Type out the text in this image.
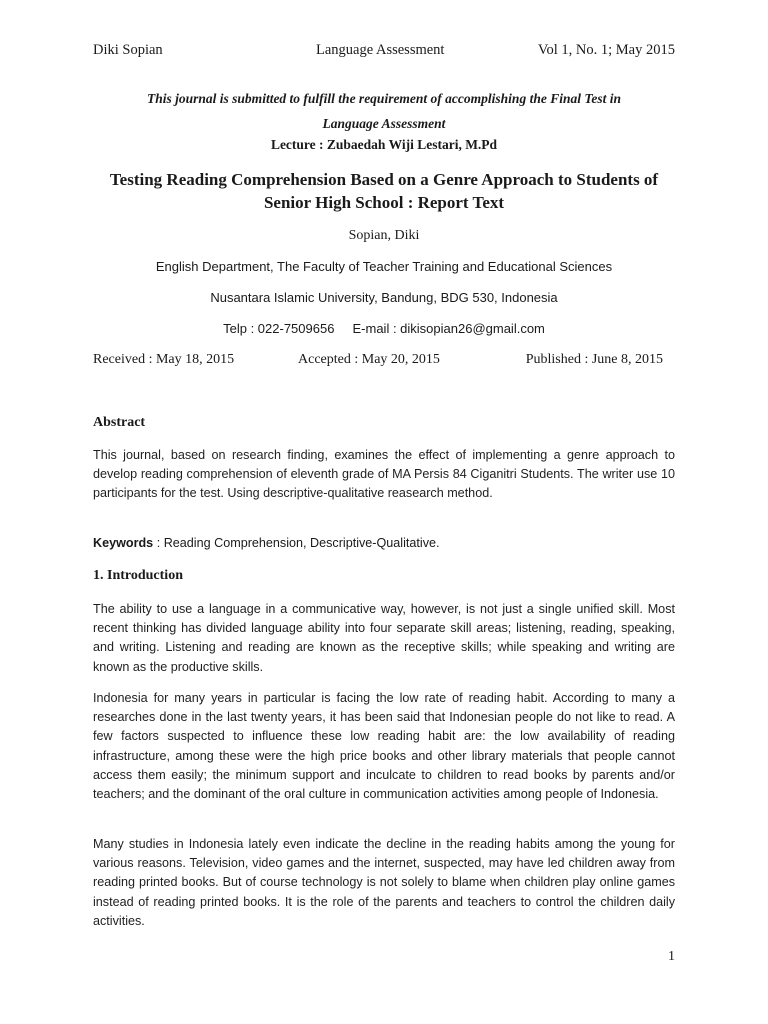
Diki Sopian	Language Assessment	Vol 1, No. 1; May 2015
This journal is submitted to fulfill the requirement of accomplishing the Final Test in
Language Assessment
Lecture : Zubaedah Wiji Lestari, M.Pd
Testing Reading Comprehension Based on a Genre Approach to Students of
Senior High School : Report Text
Sopian, Diki
English Department, The Faculty of Teacher Training and Educational Sciences
Nusantara Islamic University, Bandung, BDG 530, Indonesia
Telp : 022-7509656     E-mail : dikisopian26@gmail.com
Received : May 18, 2015	Accepted : May 20, 2015	Published : June 8, 2015
Abstract

This journal, based on research finding, examines the effect of implementing a genre approach to develop reading comprehension of eleventh grade of MA Persis 84 Ciganitri Students. The writer use 10 participants for the test. Using descriptive-qualitative reasearch method.

Keywords : Reading Comprehension, Descriptive-Qualitative.
1. Introduction

The ability to use a language in a communicative way, however, is not just a single unified skill. Most recent thinking has divided language ability into four separate skill areas; listening, reading, speaking, and writing. Listening and reading are known as the receptive skills; while speaking and writing are known as the productive skills.

Indonesia for many years in particular is facing the low rate of reading habit. According to many a researches done in the last twenty years, it has been said that Indonesian people do not like to read. A few factors suspected to influence these low reading habit are: the low availability of reading infrastructure, among these were the high price books and other library materials that people cannot access them easily; the minimum support and inculcate to children to read books by parents and/or teachers; and the dominant of the oral culture in communication activities among people of Indonesia.

Many studies in Indonesia lately even indicate the decline in the reading habits among the young for various reasons. Television, video games and the internet, suspected, may have led children away from reading printed books. But of course technology is not solely to blame when children play online games instead of reading printed books. It is the role of the parents and teachers to control the children daily activities.

1
